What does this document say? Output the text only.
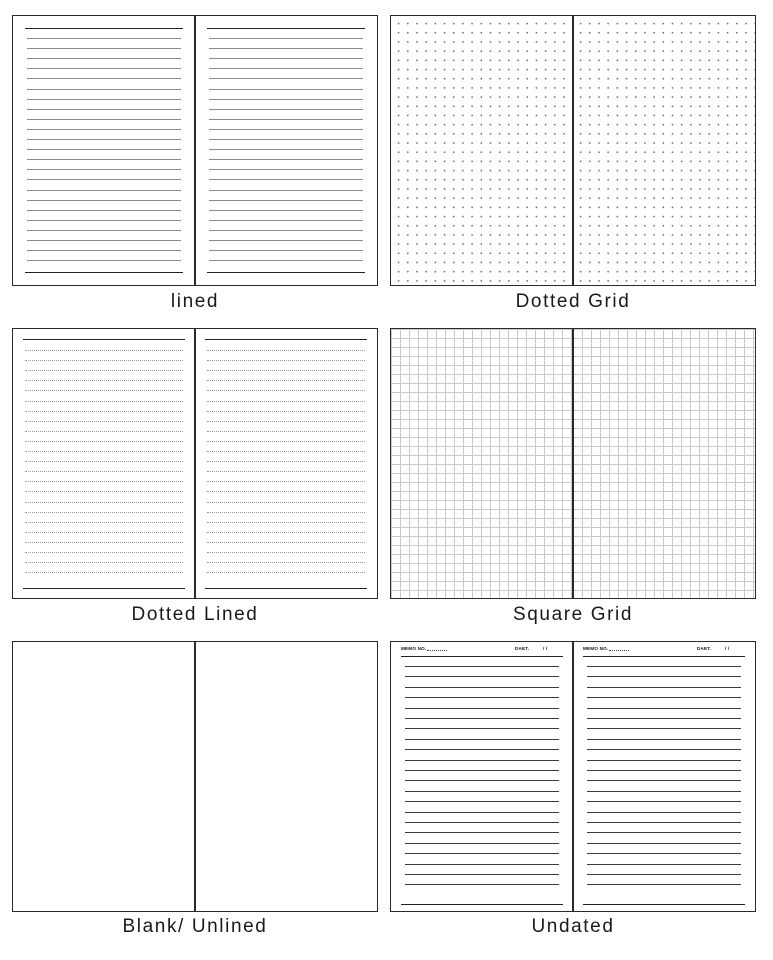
lined	Dotted Grid
Dotted Lined	Square Grid
Blank/ Unlined
MEMO NO.	DAET.	/ /	MEMO NO.	DAET.	/ /
Undated
